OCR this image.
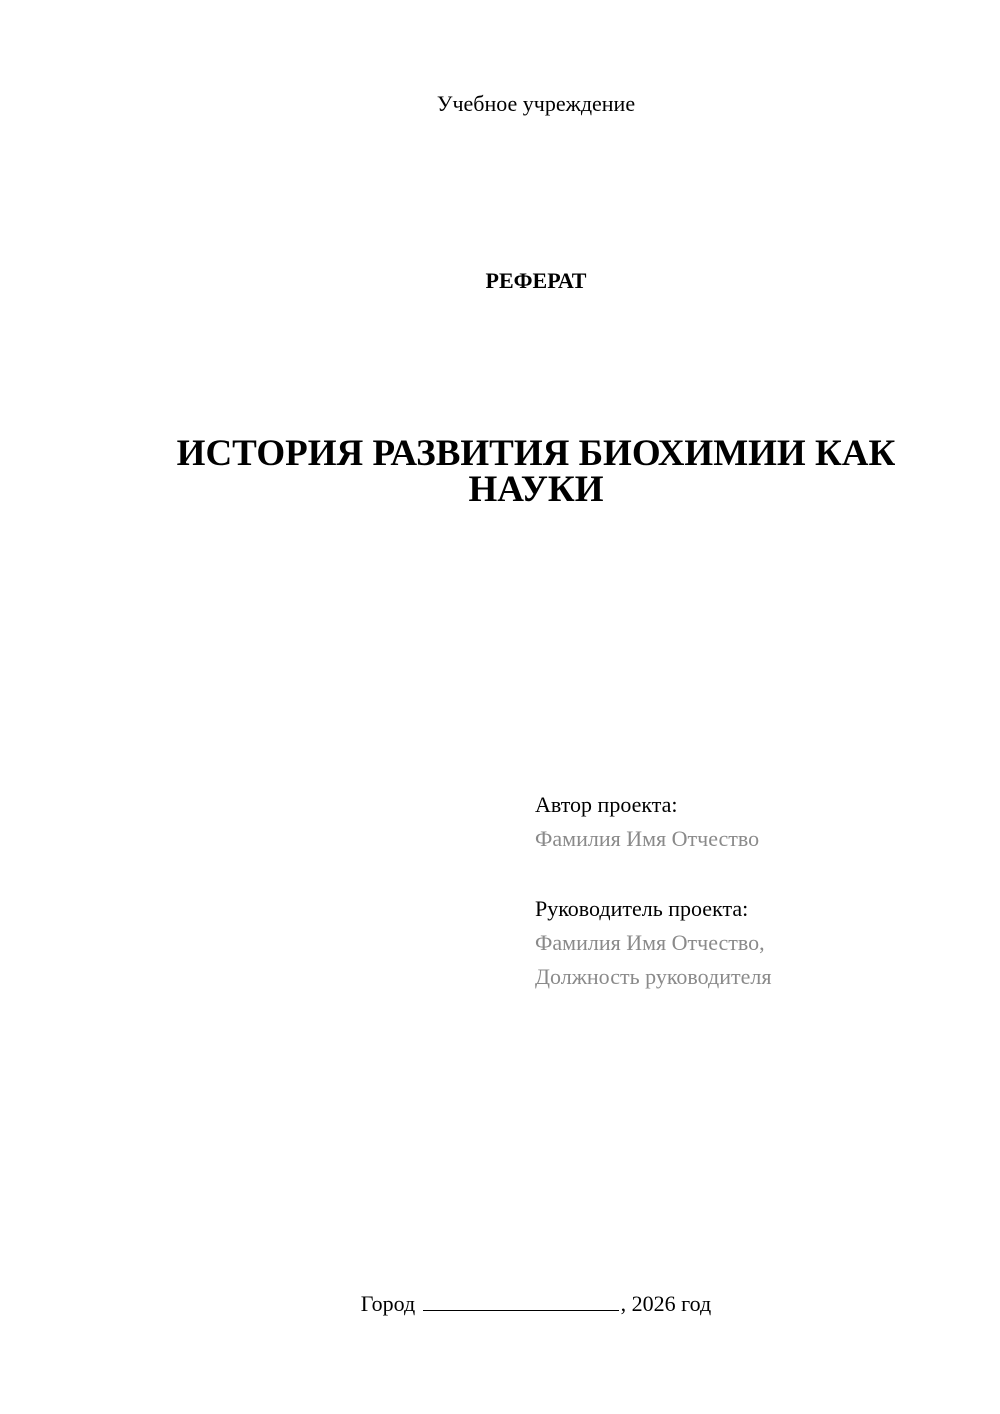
Учебное учреждение
РЕФЕРАТ
ИСТОРИЯ РАЗВИТИЯ БИОХИМИИ КАК НАУКИ
Автор проекта:
Фамилия Имя Отчество
Руководитель проекта:
Фамилия Имя Отчество,
Должность руководителя
Город	, 2026 год
